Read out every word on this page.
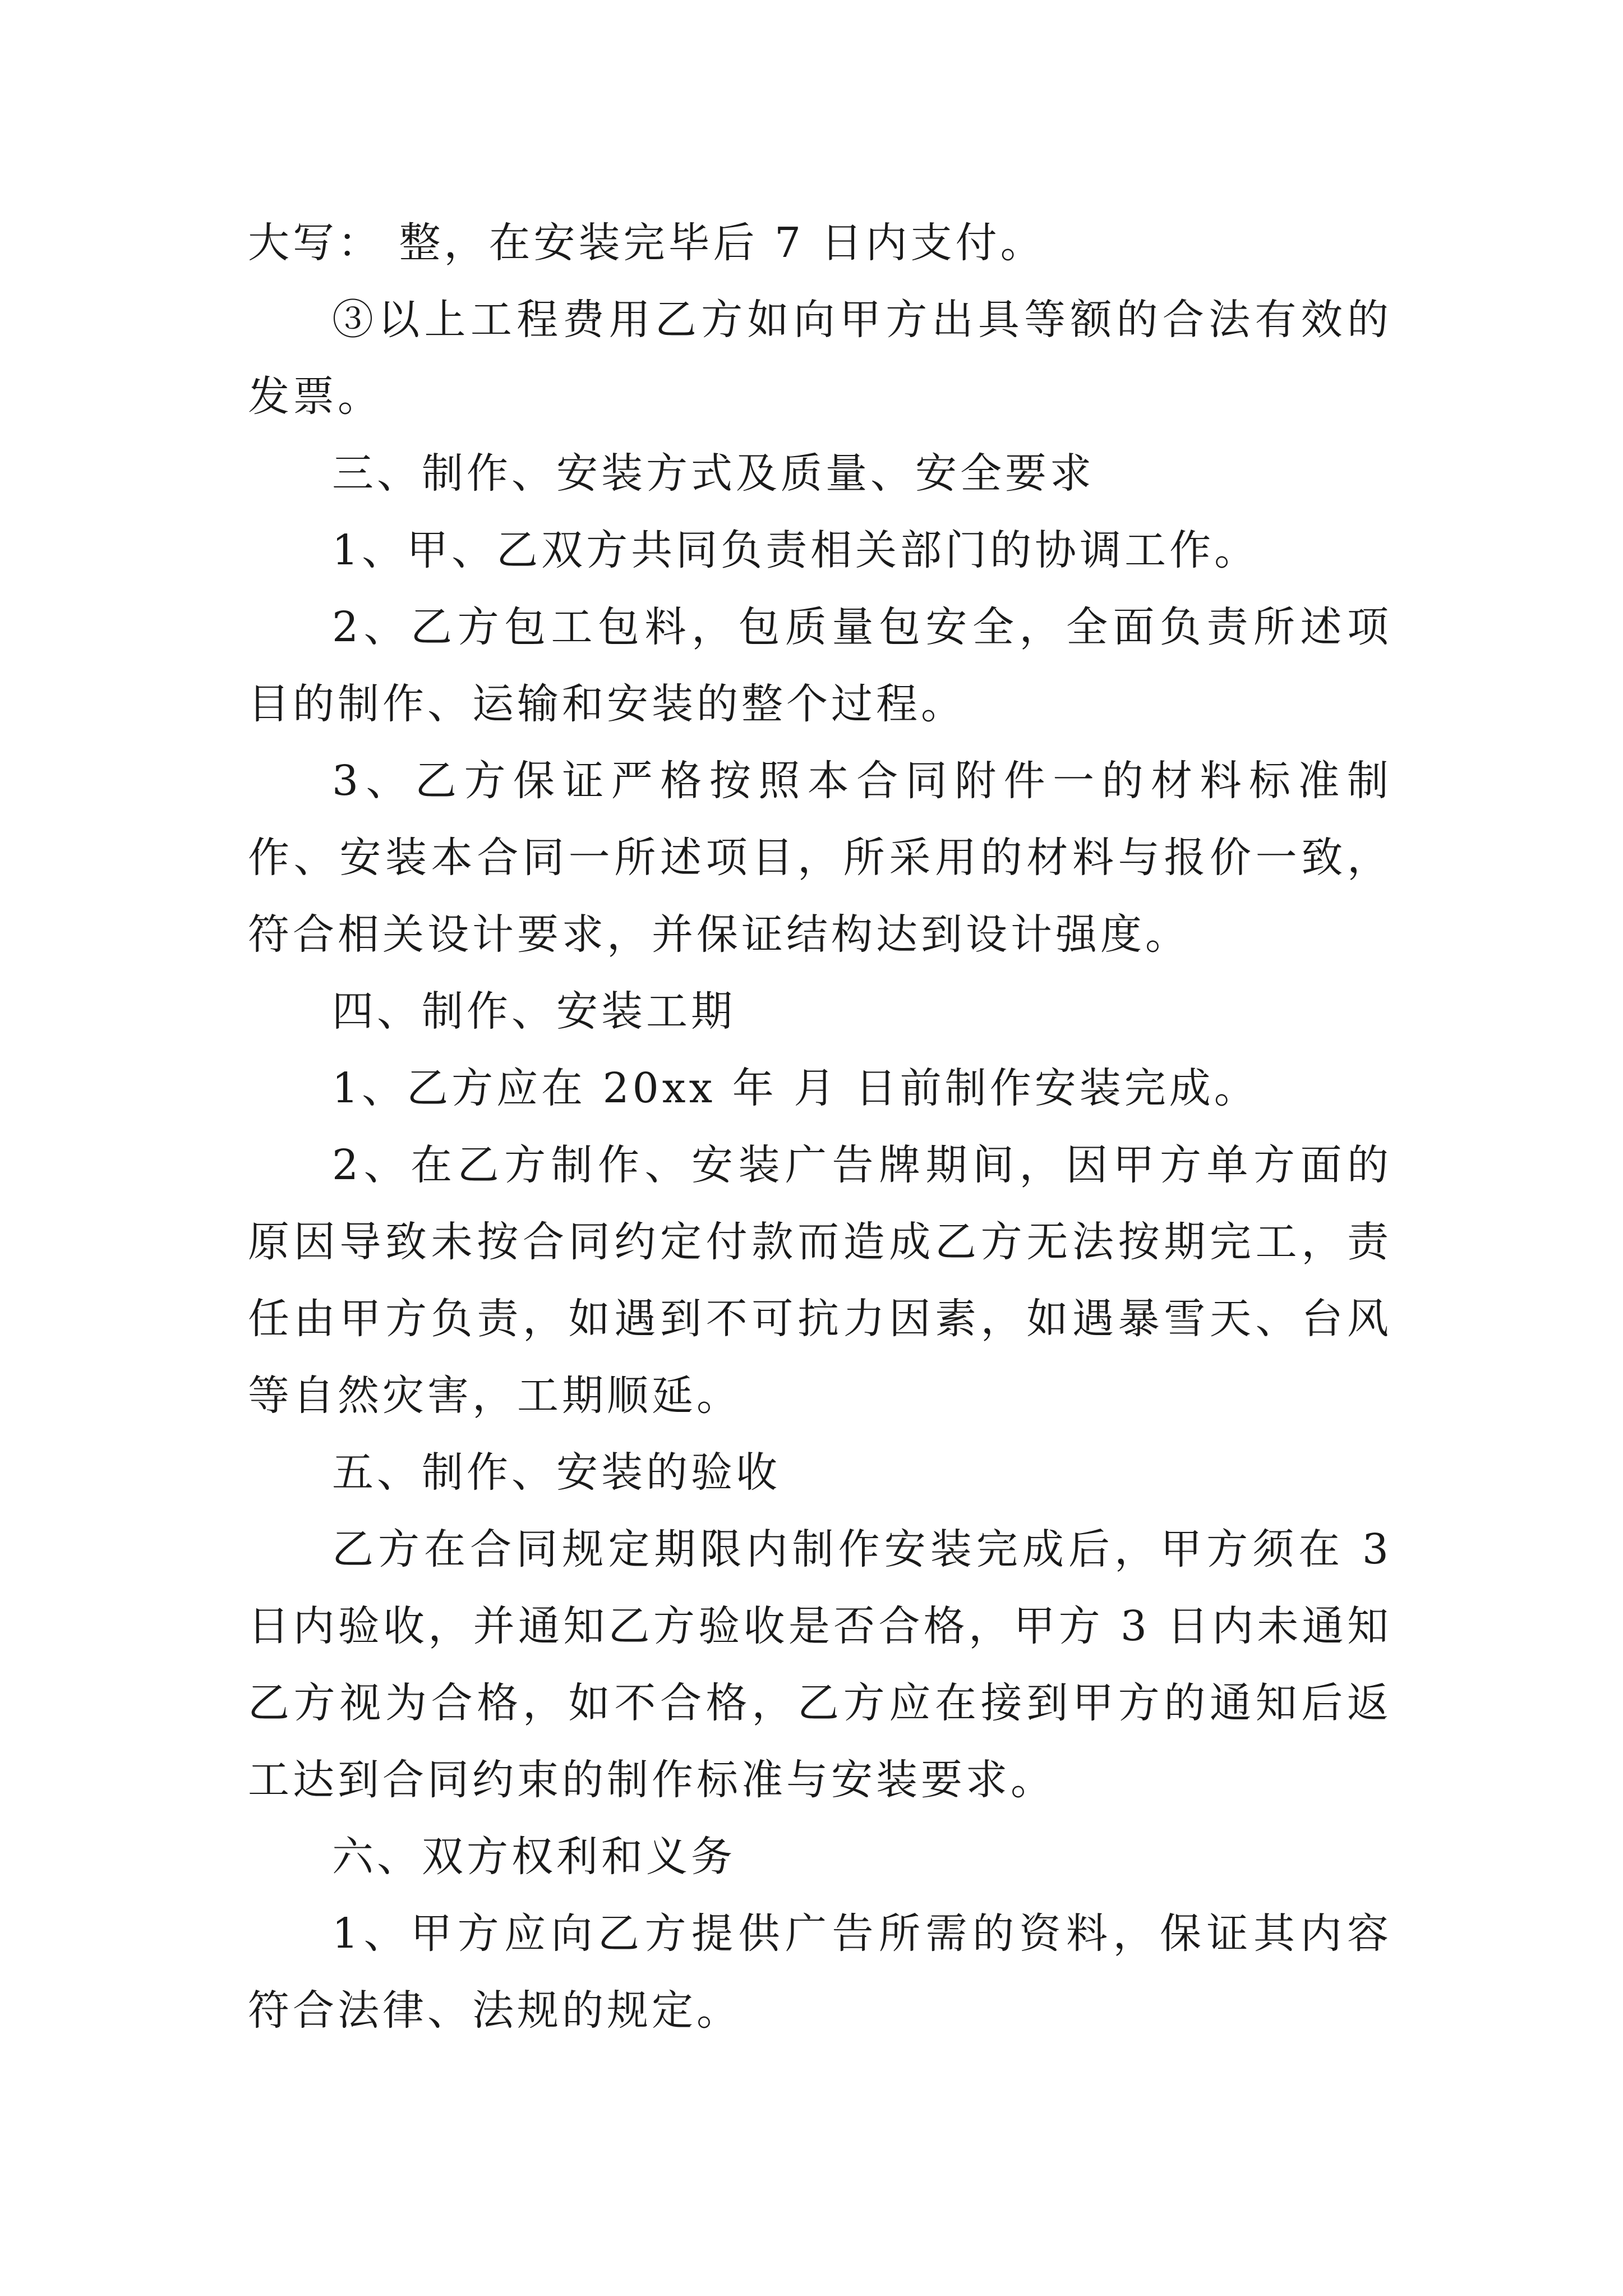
大写： 整，在安装完毕后 7 日内支付。

③以上工程费用乙方如向甲方出具等额的合法有效的发票。

三、制作、安装方式及质量、安全要求

1、甲、乙双方共同负责相关部门的协调工作。

2、乙方包工包料，包质量包安全，全面负责所述项目的制作、运输和安装的整个过程。

3、乙方保证严格按照本合同附件一的材料标准制作、安装本合同一所述项目，所采用的材料与报价一致，符合相关设计要求，并保证结构达到设计强度。

四、制作、安装工期

1、乙方应在 20xx 年 月 日前制作安装完成。

2、在乙方制作、安装广告牌期间，因甲方单方面的原因导致未按合同约定付款而造成乙方无法按期完工，责任由甲方负责，如遇到不可抗力因素，如遇暴雪天、台风等自然灾害，工期顺延。

五、制作、安装的验收

乙方在合同规定期限内制作安装完成后，甲方须在 3 日内验收，并通知乙方验收是否合格，甲方 3 日内未通知乙方视为合格，如不合格，乙方应在接到甲方的通知后返工达到合同约束的制作标准与安装要求。

六、双方权利和义务

1、甲方应向乙方提供广告所需的资料，保证其内容符合法律、法规的规定。
